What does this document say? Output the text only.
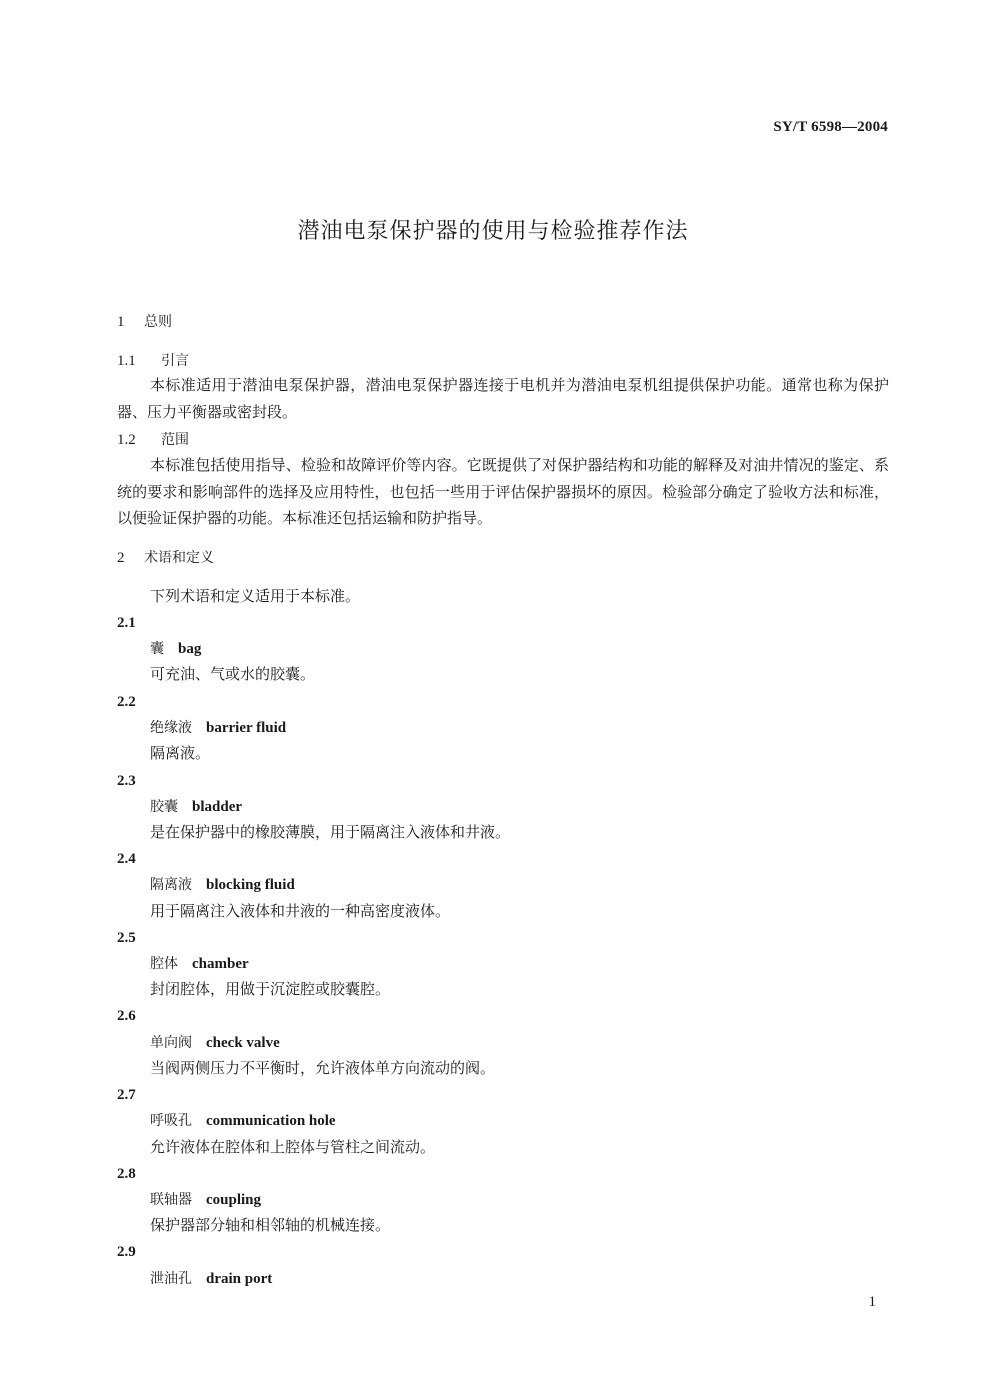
SY/T 6598—2004
潜油电泵保护器的使用与检验推荐作法
1 总则
1.1 引言
本标准适用于潜油电泵保护器，潜油电泵保护器连接于电机并为潜油电泵机组提供保护功能。通常也称为保护器、压力平衡器或密封段。
1.2 范围
本标准包括使用指导、检验和故障评价等内容。它既提供了对保护器结构和功能的解释及对油井情况的鉴定、系统的要求和影响部件的选择及应用特性，也包括一些用于评估保护器损坏的原因。检验部分确定了验收方法和标准，以便验证保护器的功能。本标准还包括运输和防护指导。
2 术语和定义
下列术语和定义适用于本标准。
2.1
囊 bag
可充油、气或水的胶囊。
2.2
绝缘液 barrier fluid
隔离液。
2.3
胶囊 bladder
是在保护器中的橡胶薄膜，用于隔离注入液体和井液。
2.4
隔离液 blocking fluid
用于隔离注入液体和井液的一种高密度液体。
2.5
腔体 chamber
封闭腔体，用做于沉淀腔或胶囊腔。
2.6
单向阀 check valve
当阀两侧压力不平衡时，允许液体单方向流动的阀。
2.7
呼吸孔 communication hole
允许液体在腔体和上腔体与管柱之间流动。
2.8
联轴器 coupling
保护器部分轴和相邻轴的机械连接。
2.9
泄油孔 drain port
1
